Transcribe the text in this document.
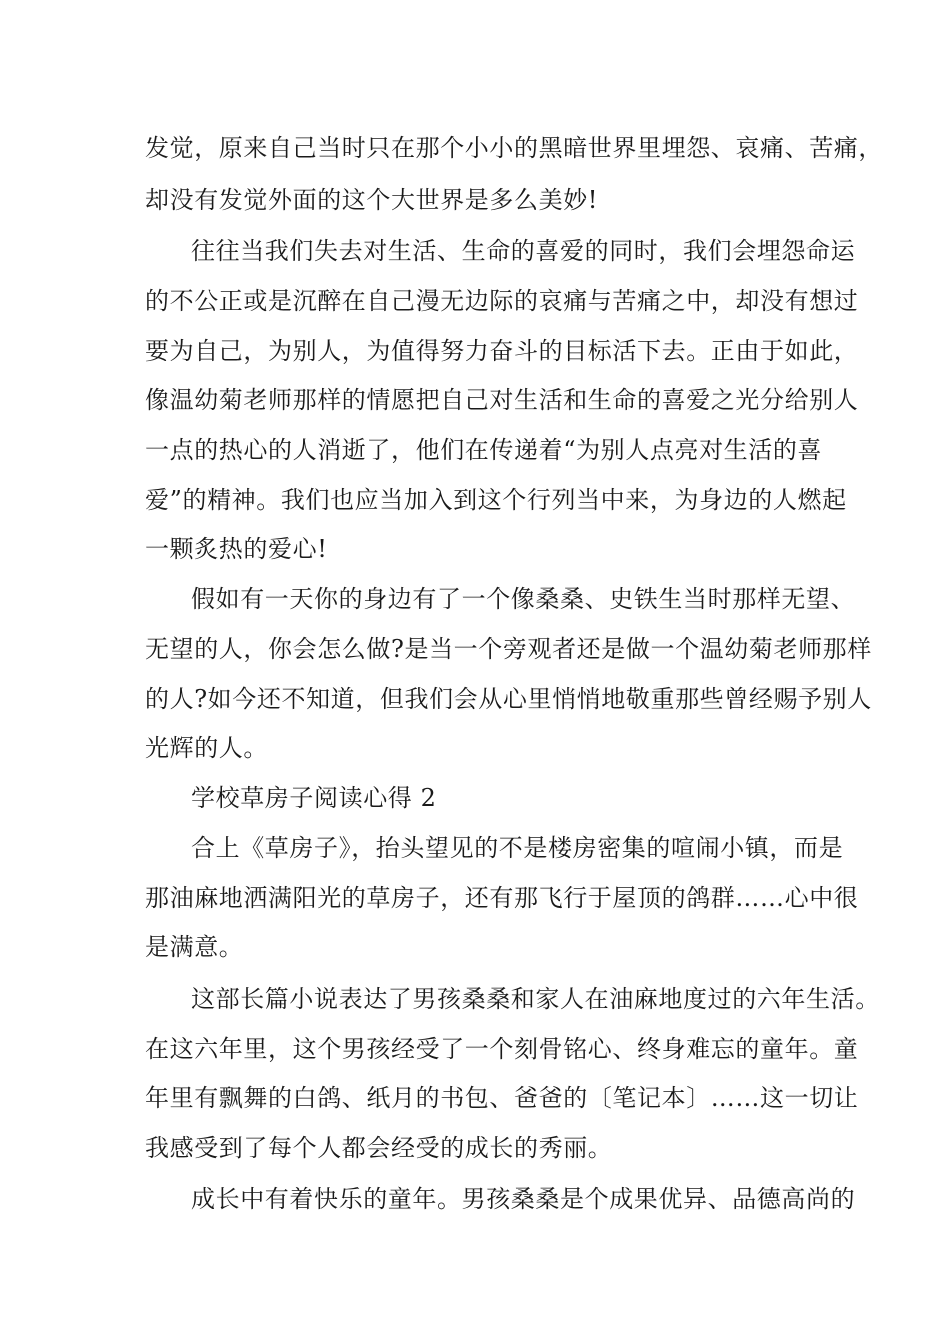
发觉，原来自己当时只在那个小小的黑暗世界里埋怨、哀痛、苦痛，
却没有发觉外面的这个大世界是多么美妙!
往往当我们失去对生活、生命的喜爱的同时，我们会埋怨命运
的不公正或是沉醉在自己漫无边际的哀痛与苦痛之中，却没有想过
要为自己，为别人，为值得努力奋斗的目标活下去。正由于如此，
像温幼菊老师那样的情愿把自己对生活和生命的喜爱之光分给别人
一点的热心的人消逝了，他们在传递着“为别人点亮对生活的喜
爱”的精神。我们也应当加入到这个行列当中来，为身边的人燃起
一颗炙热的爱心!
假如有一天你的身边有了一个像桑桑、史铁生当时那样无望、
无望的人，你会怎么做?是当一个旁观者还是做一个温幼菊老师那样
的人?如今还不知道，但我们会从心里悄悄地敬重那些曾经赐予别人
光辉的人。
学校草房子阅读心得 2
合上《草房子》，抬头望见的不是楼房密集的喧闹小镇，而是
那油麻地洒满阳光的草房子，还有那飞行于屋顶的鸽群……心中很
是满意。
这部长篇小说表达了男孩桑桑和家人在油麻地度过的六年生活。
在这六年里，这个男孩经受了一个刻骨铭心、终身难忘的童年。童
年里有飘舞的白鸽、纸月的书包、爸爸的〔笔记本〕……这一切让
我感受到了每个人都会经受的成长的秀丽。
成长中有着快乐的童年。男孩桑桑是个成果优异、品德高尚的
